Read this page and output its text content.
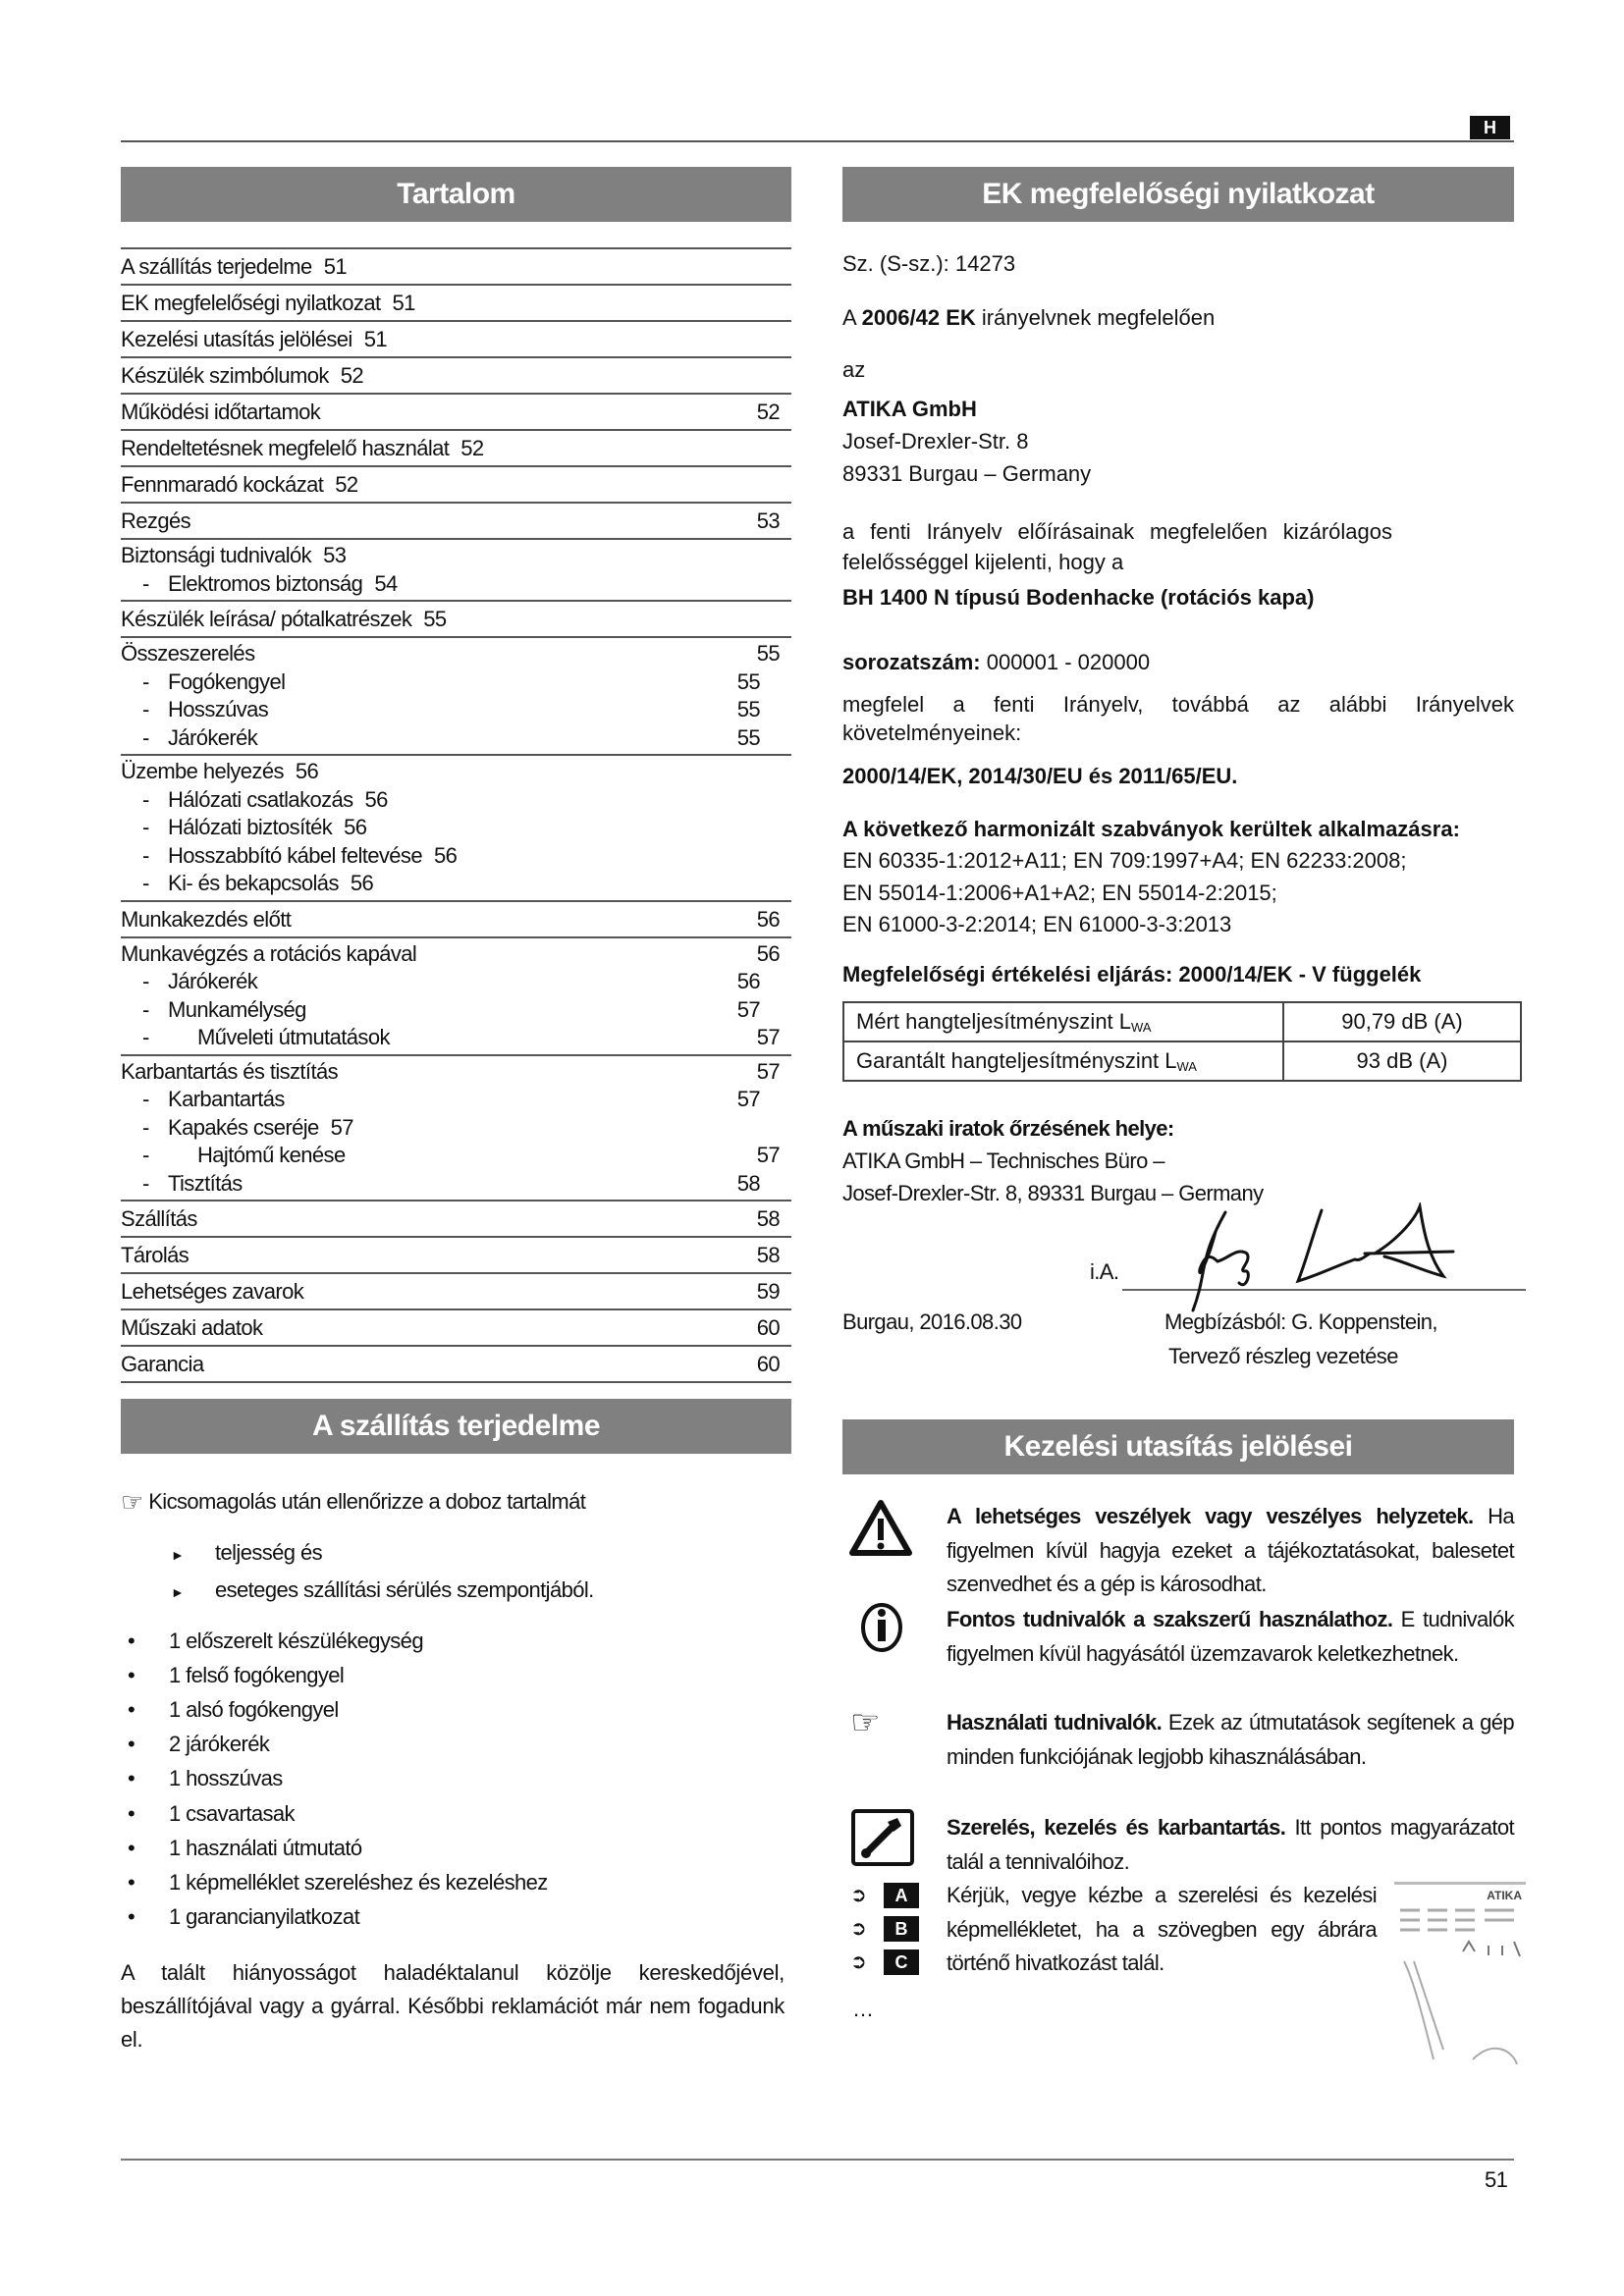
H
Tartalom
A szállítás terjedelme 51
EK megfelelőségi nyilatkozat 51
Kezelési utasítás jelölései 51
Készülék szimbólumok 52
Működési időtartamok	52
Rendeltetésnek megfelelő használat 52
Fennmaradó kockázat 52
Rezgés	53
Biztonsági tudnivalók 53
- Elektromos biztonság 54
Készülék leírása/ pótalkatrészek 55
Összeszerelés	55
- Fogókengyel	55
- Hosszúvas	55
- Járókerék	55
Üzembe helyezés 56
- Hálózati csatlakozás 56
- Hálózati biztosíték 56
- Hosszabbító kábel feltevése 56
- Ki- és bekapcsolás 56
Munkakezdés előtt	56
Munkavégzés a rotációs kapával	56
- Járókerék	56
- Munkamélység	57
- Műveleti útmutatások	57
Karbantartás és tisztítás	57
- Karbantartás	57
- Kapakés cseréje 57
- Hajtómű kenése	57
- Tisztítás	58
Szállítás	58
Tárolás	58
Lehetséges zavarok	59
Műszaki adatok	60
Garancia	60
A szállítás terjedelme
☞ Kicsomagolás után ellenőrizze a doboz tartalmát
► teljesség és
► eseteges szállítási sérülés szempontjából.
• 1 előszerelt készülékegység
• 1 felső fogókengyel
• 1 alsó fogókengyel
• 2 járókerék
• 1 hosszúvas
• 1 csavartasak
• 1 használati útmutató
• 1 képmelléklet szereléshez és kezeléshez
• 1 garancianyilatkozat
A talált hiányosságot haladéktalanul közölje kereskedőjével, beszállítójával vagy a gyárral. Későbbi reklamációt már nem fogadunk el.
EK megfelelőségi nyilatkozat
Sz. (S-sz.): 14273
A 2006/42 EK irányelvnek megfelelően
az
ATIKA GmbH
Josef-Drexler-Str. 8
89331 Burgau – Germany
a fenti Irányelv előírásainak megfelelően kizárólagos felelősséggel kijelenti, hogy a
BH 1400 N típusú Bodenhacke (rotációs kapa)
sorozatszám: 000001 - 020000
megfelel a fenti Irányelv, továbbá az alábbi Irányelvek követelményeinek:
2000/14/EK, 2014/30/EU és 2011/65/EU.
A következő harmonizált szabványok kerültek alkalmazásra:
EN 60335-1:2012+A11; EN 709:1997+A4; EN 62233:2008;
EN 55014-1:2006+A1+A2; EN 55014-2:2015;
EN 61000-3-2:2014; EN 61000-3-3:2013
Megfelelőségi értékelési eljárás: 2000/14/EK - V függelék
Mért hangteljesítményszint $L_{WA}$	90,79 dB (A)
Garantált hangteljesítményszint $L_{WA}$	93 dB (A)
A műszaki iratok őrzésének helye:
ATIKA GmbH – Technisches Büro –
Josef-Drexler-Str. 8, 89331 Burgau – Germany
i.A.
Burgau, 2016.08.30	Megbízásból: G. Koppenstein,
Tervező részleg vezetése
Kezelési utasítás jelölései
A lehetséges veszélyek vagy veszélyes helyzetek. Ha figyelmen kívül hagyja ezeket a tájékoztatásokat, balesetet szenvedhet és a gép is károsodhat.
Fontos tudnivalók a szakszerű használathoz. E tudnivalók figyelmen kívül hagyásától üzemzavarok keletkezhetnek.
☞	Használati tudnivalók. Ezek az útmutatások segítenek a gép minden funkciójának legjobb kihasználásában.
Szerelés, kezelés és karbantartás. Itt pontos magyarázatot talál a tennivalóihoz.
➲	A
➲	B
➲	C
Kérjük, vegye kézbe a szerelési és kezelési képmellékletet, ha a szövegben egy ábrára történő hivatkozást talál.
…
ATIKA
51
